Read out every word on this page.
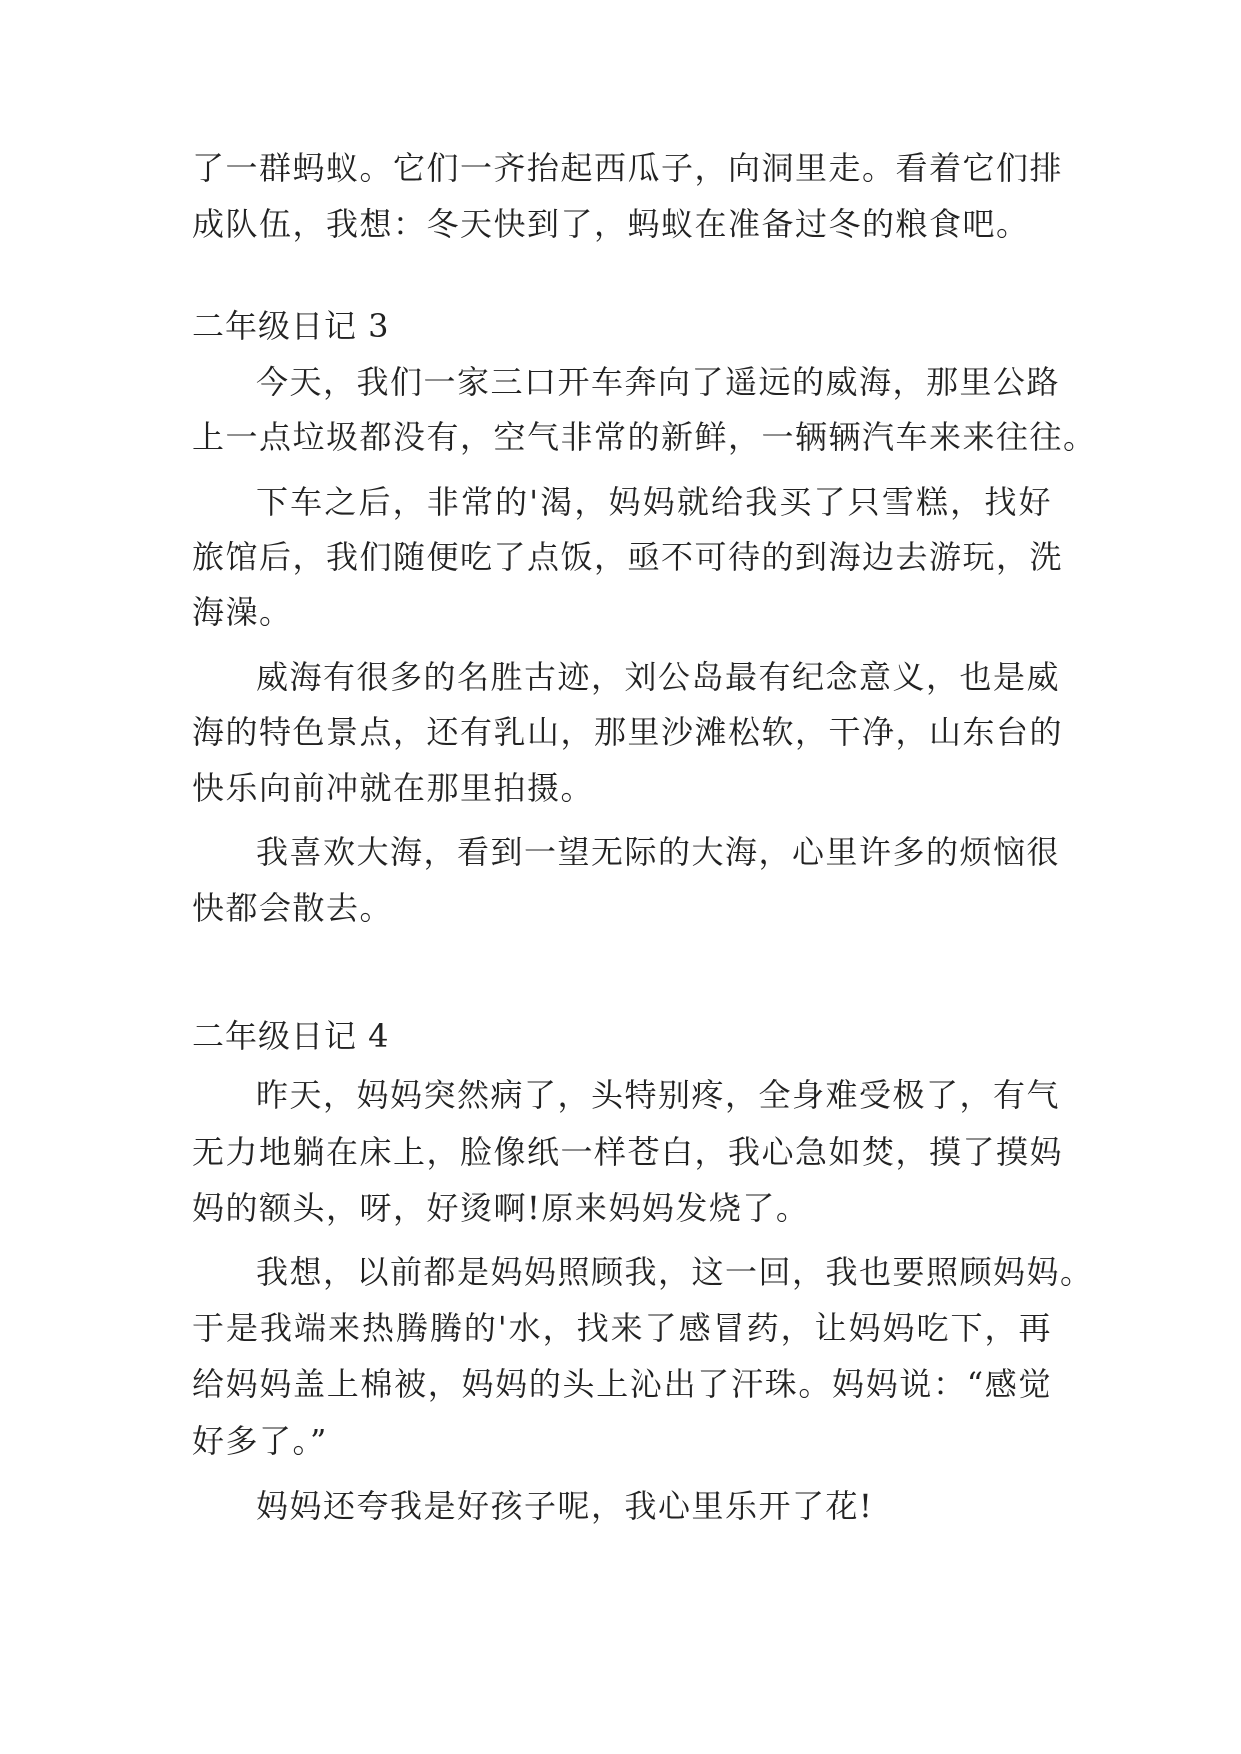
了一群蚂蚁。它们一齐抬起西瓜子，向洞里走。看着它们排
成队伍，我想：冬天快到了，蚂蚁在准备过冬的粮食吧。
二年级日记 3
今天，我们一家三口开车奔向了遥远的威海，那里公路
上一点垃圾都没有，空气非常的新鲜，一辆辆汽车来来往往。
下车之后，非常的'渴，妈妈就给我买了只雪糕，找好
旅馆后，我们随便吃了点饭，亟不可待的到海边去游玩，洗
海澡。
威海有很多的名胜古迹，刘公岛最有纪念意义，也是威
海的特色景点，还有乳山，那里沙滩松软，干净，山东台的
快乐向前冲就在那里拍摄。
我喜欢大海，看到一望无际的大海，心里许多的烦恼很
快都会散去。
二年级日记 4
昨天，妈妈突然病了，头特别疼，全身难受极了，有气
无力地躺在床上，脸像纸一样苍白，我心急如焚，摸了摸妈
妈的额头，呀，好烫啊!原来妈妈发烧了。
我想，以前都是妈妈照顾我，这一回，我也要照顾妈妈。
于是我端来热腾腾的'水，找来了感冒药，让妈妈吃下，再
给妈妈盖上棉被，妈妈的头上沁出了汗珠。妈妈说：“感觉
好多了。”
妈妈还夸我是好孩子呢，我心里乐开了花!
